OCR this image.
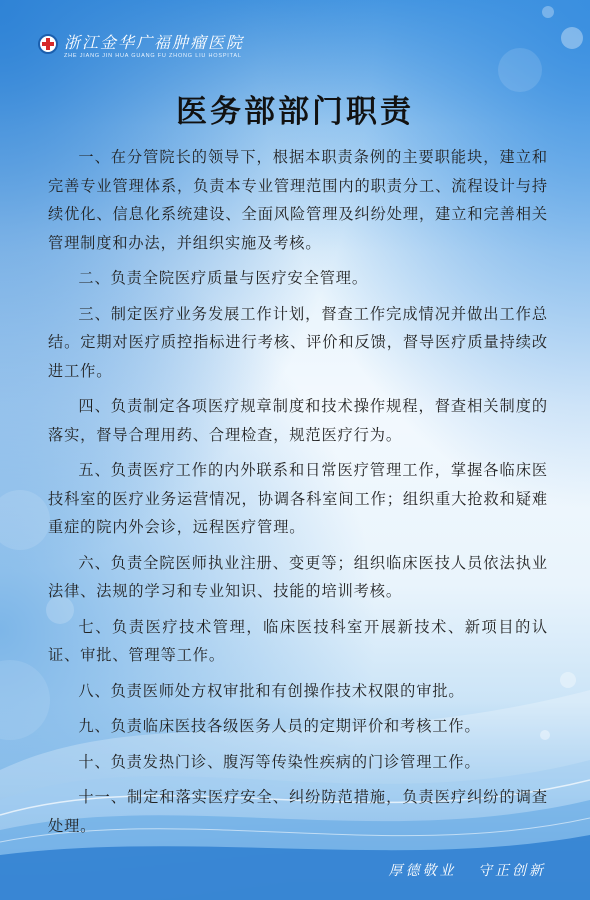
浙江金华广福肿瘤医院
ZHE JIANG JIN HUA GUANG FU ZHONG LIU HOSPITAL
医务部部门职责

一、在分管院长的领导下，根据本职责条例的主要职能块，建立和完善专业管理体系，负责本专业管理范围内的职责分工、流程设计与持续优化、信息化系统建设、全面风险管理及纠纷处理，建立和完善相关管理制度和办法，并组织实施及考核。

二、负责全院医疗质量与医疗安全管理。

三、制定医疗业务发展工作计划，督查工作完成情况并做出工作总结。定期对医疗质控指标进行考核、评价和反馈，督导医疗质量持续改进工作。

四、负责制定各项医疗规章制度和技术操作规程，督查相关制度的落实，督导合理用药、合理检查，规范医疗行为。

五、负责医疗工作的内外联系和日常医疗管理工作，掌握各临床医技科室的医疗业务运营情况，协调各科室间工作；组织重大抢救和疑难重症的院内外会诊，远程医疗管理。

六、负责全院医师执业注册、变更等；组织临床医技人员依法执业法律、法规的学习和专业知识、技能的培训考核。

七、负责医疗技术管理，临床医技科室开展新技术、新项目的认证、审批、管理等工作。

八、负责医师处方权审批和有创操作技术权限的审批。

九、负责临床医技各级医务人员的定期评价和考核工作。

十、负责发热门诊、腹泻等传染性疾病的门诊管理工作。

十一、制定和落实医疗安全、纠纷防范措施，负责医疗纠纷的调查处理。

厚德敬业 守正创新
